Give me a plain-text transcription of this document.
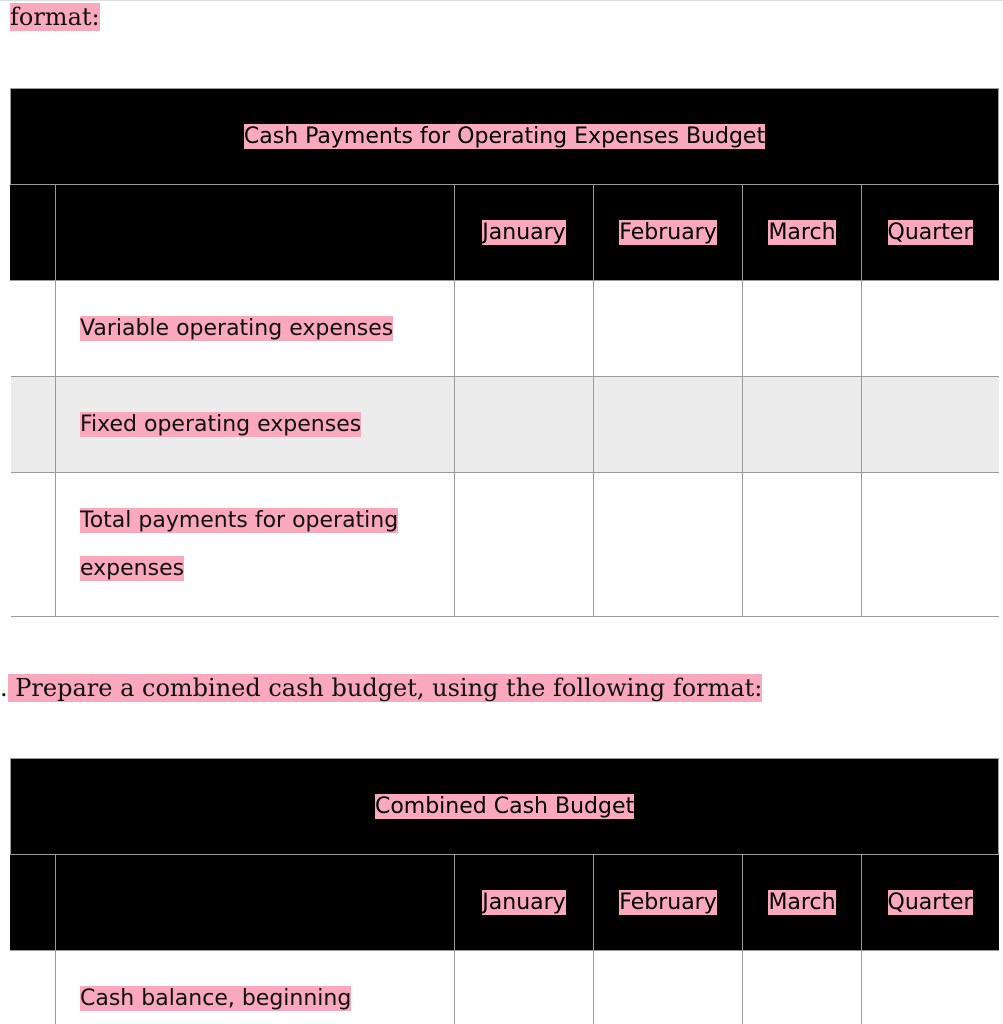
format:
Cash Payments for Operating Expenses Budget					
		January	February	March	Quarter
	Variable operating expenses				
	Fixed operating expenses				
	Total payments for operating expenses				
. Prepare a combined cash budget, using the following format:
Combined Cash Budget					
		January	February	March	Quarter
	Cash balance, beginning				
